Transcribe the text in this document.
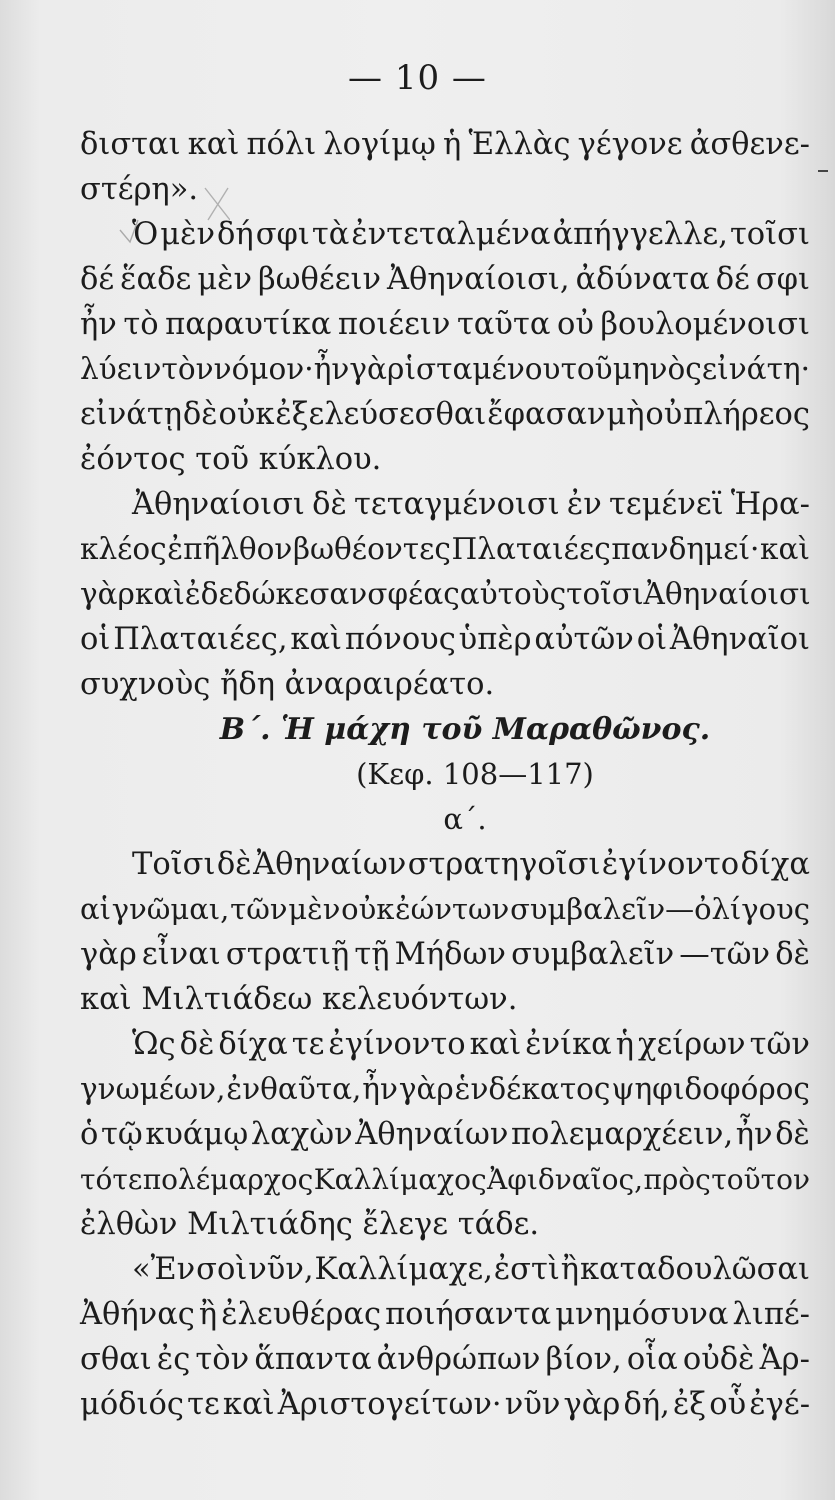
— 10 —
δισται καὶ πόλι λογίμῳ ἡ Ἑλλὰς γέγονε ἀσθενε-
στέρη».
Ὁ μὲν δή σφι τὰ ἐντεταλμένα ἀπήγγελλε, τοῖσι
δέ ἕαδε μὲν βωθέειν Ἀθηναίοισι, ἀδύνατα δέ σφι
ἦν τὸ παραυτίκα ποιέειν ταῦτα οὐ βουλομένοισι
λύειν τὸν νόμον· ἦν γὰρ ἱσταμένου τοῦ μηνὸς εἰνάτη·
εἰνάτῃ δὲ οὐκ ἐξελεύσεσθαι ἔφασαν μὴ οὐ πλήρεος
ἐόντος τοῦ κύκλου.
Ἀθηναίοισι δὲ τεταγμένοισι ἐν τεμένεϊ Ἡρα-
κλέος ἐπῆλθον βωθέοντες Πλαταιέες πανδημεί· καὶ
γὰρ καὶ ἐδεδώκεσαν σφέας αὐτοὺς τοῖσι Ἀθηναίοισι
οἱ Πλαταιέες, καὶ πόνους ὑπὲρ αὐτῶν οἱ Ἀθηναῖοι
συχνοὺς ἤδη ἀναραιρέατο.
Β΄. Ἡ μάχη τοῦ Μαραθῶνος.
(Κεφ. 108—117)
α΄.
Τοῖσι δὲ Ἀθηναίων στρατηγοῖσι ἐγίνοντο δίχα
αἱ γνῶμαι, τῶν μὲν οὐκ ἐώντων συμβαλεῖν—ὀλίγους
γὰρ εἶναι στρατιῇ τῇ Μήδων συμβαλεῖν —τῶν δὲ
καὶ Μιλτιάδεω κελευόντων.
Ὡς δὲ δίχα τε ἐγίνοντο καὶ ἐνίκα ἡ χείρων τῶν
γνωμέων, ἐνθαῦτα, ἦν γὰρ ἑνδέκατος ψηφιδοφόρος
ὁ τῷ κυάμῳ λαχὼν Ἀθηναίων πολεμαρχέειν, ἦν δὲ
τότε πολέμαρχος Καλλίμαχος Ἀφιδναῖος, πρὸς τοῦτον
ἐλθὼν Μιλτιάδης ἔλεγε τάδε.
«Ἐν σοὶ νῦν, Καλλίμαχε, ἐστὶ ἢ καταδουλῶσαι
Ἀθήνας ἢ ἐλευθέρας ποιήσαντα μνημόσυνα λιπέ-
σθαι ἐς τὸν ἅπαντα ἀνθρώπων βίον, οἷα οὐδὲ Ἁρ-
μόδιός τε καὶ Ἀριστογείτων· νῦν γὰρ δή, ἐξ οὗ ἐγέ-
